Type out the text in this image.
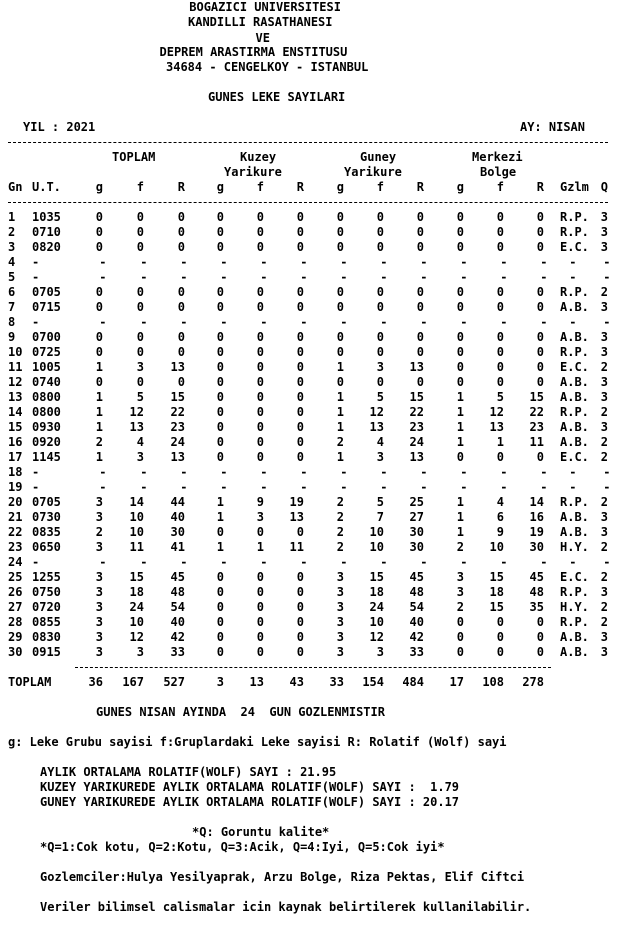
BOGAZICI UNIVERSITESI
KANDILLI RASATHANESI
VE
DEPREM ARASTIRMA ENSTITUSU
34684 - CENGELKOY - ISTANBUL
GUNES LEKE SAYILARI
YIL : 2021	AY: NISAN
TOPLAM	Kuzey	Guney	Merkezi
Yarikure	Yarikure	Bolge
Gn U.T.	g	f	R	g	f	R	g	f	R	g	f	R Gzlm Q
1 1035	0	0	0	0	0	0	0	0	0	0	0	0 R.P. 3
2 0710	0	0	0	0	0	0	0	0	0	0	0	0 R.P. 3
3 0820	0	0	0	0	0	0	0	0	0	0	0	0 E.C. 3
4 -	-	-	-	-	-	-	-	-	-	-	-	- - -
5 -	-	-	-	-	-	-	-	-	-	-	-	- - -
6 0705	0	0	0	0	0	0	0	0	0	0	0	0 R.P. 2
7 0715	0	0	0	0	0	0	0	0	0	0	0	0 A.B. 3
8 -	-	-	-	-	-	-	-	-	-	-	-	- - -
9 0700	0	0	0	0	0	0	0	0	0	0	0	0 A.B. 3
10 0725	0	0	0	0	0	0	0	0	0	0	0	0 R.P. 3
11 1005	1	3 13	0	0	0	1	3 13	0	0	0 E.C. 2
12 0740	0	0	0	0	0	0	0	0	0	0	0	0 A.B. 3
13 0800	1	5 15	0	0	0	1	5 15	1	5 15 A.B. 3
14 0800	1 12 22	0	0	0	1 12 22	1 12 22 R.P. 2
15 0930	1 13 23	0	0	0	1 13 23	1 13 23 A.B. 3
16 0920	2	4 24	0	0	0	2	4 24	1	1 11 A.B. 2
17 1145	1	3 13	0	0	0	1	3 13	0	0	0 E.C. 2
18 -	-	-	-	-	-	-	-	-	-	-	-	- - -
19 -	-	-	-	-	-	-	-	-	-	-	-	- - -
20 0705	3 14 44	1	9 19	2	5 25	1	4 14 R.P. 2
21 0730	3 10 40	1	3 13	2	7 27	1	6 16 A.B. 3
22 0835	2 10 30	0	0	0	2 10 30	1	9 19 A.B. 3
23 0650	3 11 41	1	1 11	2 10 30	2 10 30 H.Y. 2
24 -	-	-	-	-	-	-	-	-	-	-	-	- - -
25 1255	3 15 45	0	0	0	3 15 45	3 15 45 E.C. 2
26 0750	3 18 48	0	0	0	3 18 48	3 18 48 R.P. 3
27 0720	3 24 54	0	0	0	3 24 54	2 15 35 H.Y. 2
28 0855	3 10 40	0	0	0	3 10 40	0	0	0 R.P. 2
29 0830	3 12 42	0	0	0	3 12 42	0	0	0 A.B. 3
30 0915	3	3 33	0	0	0	3	3 33	0	0	0 A.B. 3
TOPLAM	36 167 527	3 13 43 33 154 484 17 108 278
GUNES NISAN AYINDA  24  GUN GOZLENMISTIR
g: Leke Grubu sayisi f:Gruplardaki Leke sayisi R: Rolatif (Wolf) sayi
AYLIK ORTALAMA ROLATIF(WOLF) SAYI : 21.95
KUZEY YARIKUREDE AYLIK ORTALAMA ROLATIF(WOLF) SAYI :  1.79
GUNEY YARIKUREDE AYLIK ORTALAMA ROLATIF(WOLF) SAYI : 20.17
*Q: Goruntu kalite*
*Q=1:Cok kotu, Q=2:Kotu, Q=3:Acik, Q=4:Iyi, Q=5:Cok iyi*
Gozlemciler:Hulya Yesilyaprak, Arzu Bolge, Riza Pektas, Elif Ciftci
Veriler bilimsel calismalar icin kaynak belirtilerek kullanilabilir.
